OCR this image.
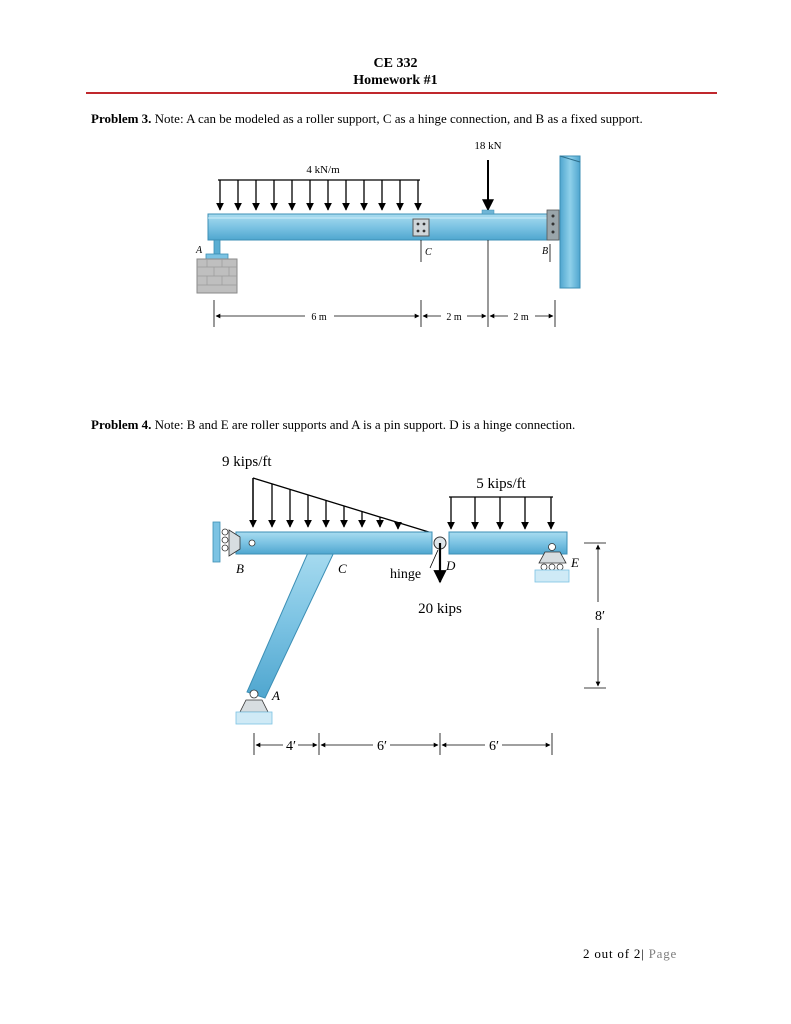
CE 332
Homework #1
Problem 3. Note: A can be modeled as a roller support, C as a hinge connection, and B as a fixed support.
Problem 4. Note: B and E are roller supports and A is a pin support. D is a hinge connection.
4 kN/m
C
18 kN
B
A
6 m	2 m	2 m
9 kips/ft
5 kips/ft
20 kips
hinge
D
B	C	E
A
4′	6′	6′
8′
2 out of 2| Page
